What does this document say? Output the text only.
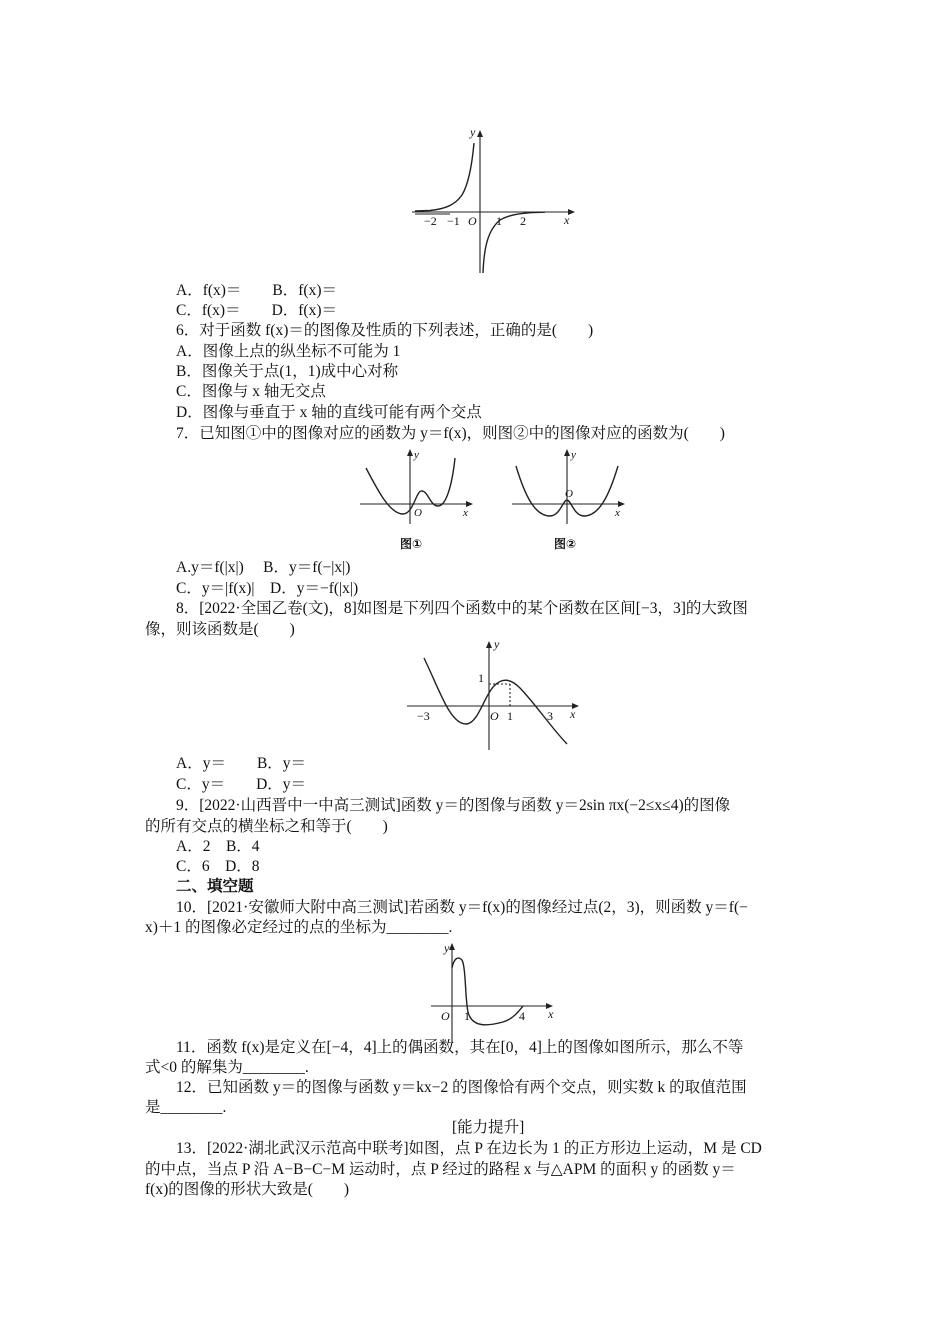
y
x
O
−2 −1	1 2
A．f(x)＝　　B．f(x)＝
C．f(x)＝　　D．f(x)＝
6．对于函数 f(x)＝的图像及性质的下列表述，正确的是(　　)
A．图像上点的纵坐标不可能为 1
B．图像关于点(1，1)成中心对称
C．图像与 x 轴无交点
D．图像与垂直于 x 轴的直线可能有两个交点
7．已知图①中的图像对应的函数为 y＝f(x)，则图②中的图像对应的函数为(　　)
y
x
O
图①
y
x
O
图②
A.y＝f(|x|)　 B．y＝f(−|x|)
C．y＝|f(x)|　D．y＝−f(|x|)
8．[2022·全国乙卷(文)，8]如图是下列四个函数中的某个函数在区间[−3，3]的大致图
像，则该函数是(　　)
y
x
O
−3	1	3
1
A．y＝　　B．y＝
C．y＝　　D．y＝
9．[2022·山西晋中一中高三测试]函数 y＝的图像与函数 y＝2sin πx(−2≤x≤4)的图像
的所有交点的横坐标之和等于(　　)
A．2　B．4
C．6　D．8
二、填空题
10．[2021·安徽师大附中高三测试]若函数 y＝f(x)的图像经过点(2，3)，则函数 y＝f(−
x)＋1 的图像必定经过的点的坐标为________.
y
x
O 1	4
11．函数 f(x)是定义在[−4，4]上的偶函数，其在[0，4]上的图像如图所示，那么不等
式<0 的解集为________.
12．已知函数 y＝的图像与函数 y＝kx−2 的图像恰有两个交点，则实数 k 的取值范围
是________.
[能力提升]
13．[2022·湖北武汉示范高中联考]如图，点 P 在边长为 1 的正方形边上运动，M 是 CD
的中点，当点 P 沿 A−B−C−M 运动时，点 P 经过的路程 x 与△APM 的面积 y 的函数 y＝
f(x)的图像的形状大致是(　　)
